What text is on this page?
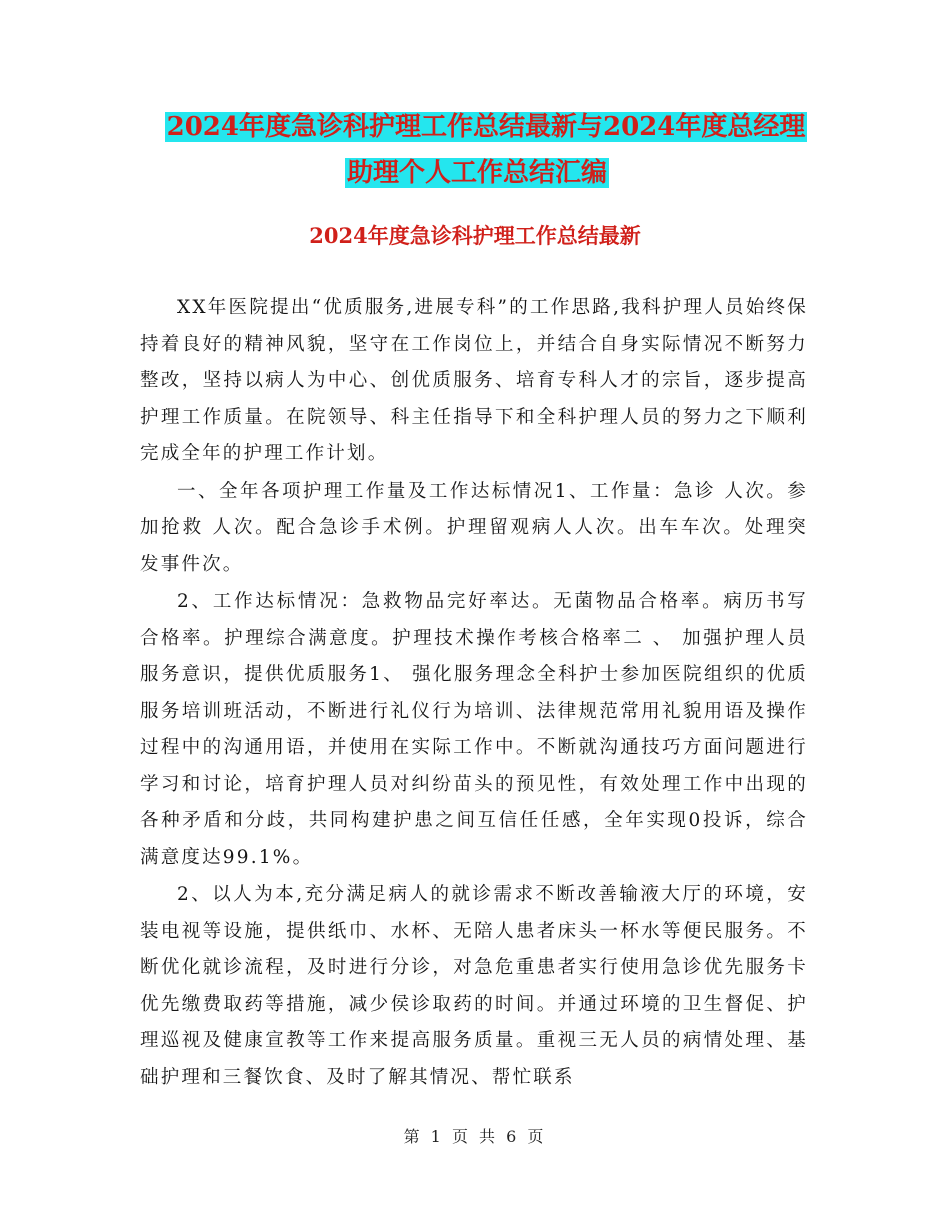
2024年度急诊科护理工作总结最新与2024年度总经理
助理个人工作总结汇编
2024年度急诊科护理工作总结最新

XX年医院提出“优质服务,进展专科”的工作思路,我科护理人员始终保持着良好的精神风貌，坚守在工作岗位上，并结合自身实际情况不断努力整改，坚持以病人为中心、创优质服务、培育专科人才的宗旨，逐步提高护理工作质量。在院领导、科主任指导下和全科护理人员的努力之下顺利完成全年的护理工作计划。

一、全年各项护理工作量及工作达标情况1、工作量：急诊 人次。参加抢救 人次。配合急诊手术例。护理留观病人人次。出车车次。处理突发事件次。

2、工作达标情况：急救物品完好率达。无菌物品合格率。病历书写合格率。护理综合满意度。护理技术操作考核合格率二 、 加强护理人员服务意识，提供优质服务1、 强化服务理念全科护士参加医院组织的优质服务培训班活动，不断进行礼仪行为培训、法律规范常用礼貌用语及操作过程中的沟通用语，并使用在实际工作中。不断就沟通技巧方面问题进行学习和讨论，培育护理人员对纠纷苗头的预见性，有效处理工作中出现的各种矛盾和分歧，共同构建护患之间互信任任感，全年实现0投诉，综合满意度达99.1%。

2、以人为本,充分满足病人的就诊需求不断改善输液大厅的环境，安装电视等设施，提供纸巾、水杯、无陪人患者床头一杯水等便民服务。不断优化就诊流程，及时进行分诊，对急危重患者实行使用急诊优先服务卡优先缴费取药等措施，减少侯诊取药的时间。并通过环境的卫生督促、护理巡视及健康宣教等工作来提高服务质量。重视三无人员的病情处理、基础护理和三餐饮食、及时了解其情况、帮忙联系

第 1 页 共 6 页
